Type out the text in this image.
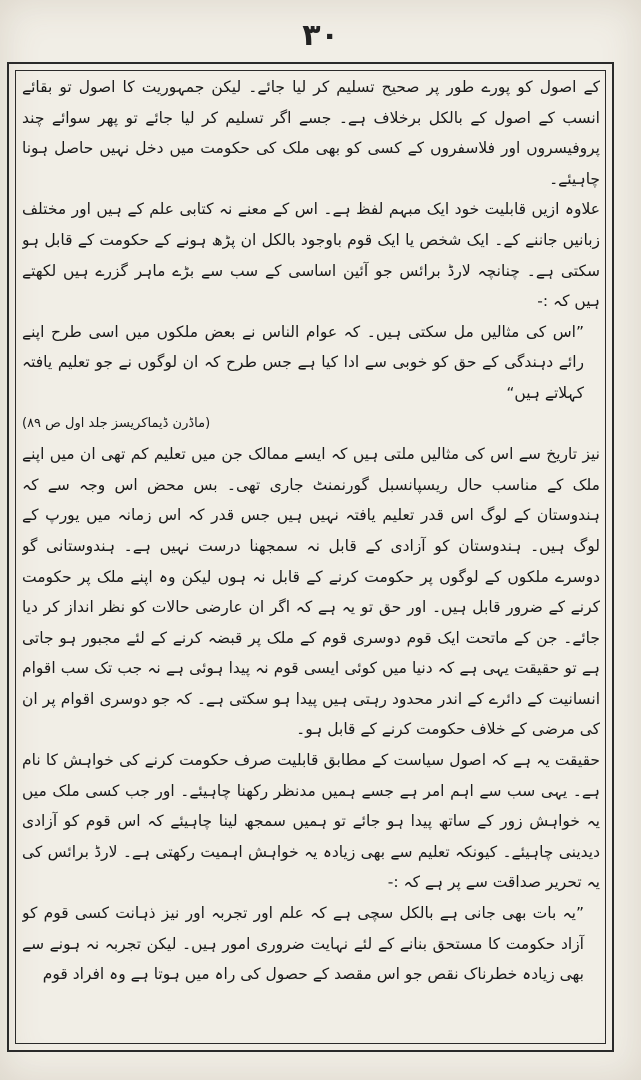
۳۰

کے اصول کو پورے طور پر صحیح تسلیم کر لیا جائے۔ لیکن جمہوریت کا اصول تو بقائے انسب کے اصول کے بالکل برخلاف ہے۔ جسے اگر تسلیم کر لیا جائے تو پھر سوائے چند پروفیسروں اور فلاسفروں کے کسی کو بھی ملک کی حکومت میں دخل نہیں حاصل ہونا چاہیئے۔

علاوہ ازیں قابلیت خود ایک مبہم لفظ ہے۔ اس کے معنے نہ کتابی علم کے ہیں اور مختلف زبانیں جاننے کے۔ ایک شخص یا ایک قوم باوجود بالکل ان پڑھ ہونے کے حکومت کے قابل ہو سکتی ہے۔ چنانچہ لارڈ برائس جو آئین اساسی کے سب سے بڑے ماہر گزرے ہیں لکھتے ہیں کہ :-

”اس کی مثالیں مل سکتی ہیں۔ کہ عوام الناس نے بعض ملکوں میں اسی طرح اپنے رائے دہندگی کے حق کو خوبی سے ادا کیا ہے جس طرح کہ ان لوگوں نے جو تعلیم یافتہ کہلاتے ہیں“
(ماڈرن ڈیماکریسز جلد اول ص ۸۹)

نیز تاریخ سے اس کی مثالیں ملتی ہیں کہ ایسے ممالک جن میں تعلیم کم تھی ان میں اپنے ملک کے مناسب حال ریسپانسبل گورنمنٹ جاری تھی۔ بس محض اس وجہ سے کہ ہندوستان کے لوگ اس قدر تعلیم یافتہ نہیں ہیں جس قدر کہ اس زمانہ میں یورپ کے لوگ ہیں۔ ہندوستان کو آزادی کے قابل نہ سمجھنا درست نہیں ہے۔ ہندوستانی گو دوسرے ملکوں کے لوگوں پر حکومت کرنے کے قابل نہ ہوں لیکن وہ اپنے ملک پر حکومت کرنے کے ضرور قابل ہیں۔ اور حق تو یہ ہے کہ اگر ان عارضی حالات کو نظر انداز کر دیا جائے۔ جن کے ماتحت ایک قوم دوسری قوم کے ملک پر قبضہ کرنے کے لئے مجبور ہو جاتی ہے تو حقیقت یہی ہے کہ دنیا میں کوئی ایسی قوم نہ پیدا ہوئی ہے نہ جب تک سب اقوام انسانیت کے دائرے کے اندر محدود رہتی ہیں پیدا ہو سکتی ہے۔ کہ جو دوسری اقوام پر ان کی مرضی کے خلاف حکومت کرنے کے قابل ہو۔

حقیقت یہ ہے کہ اصول سیاست کے مطابق قابلیت صرف حکومت کرنے کی خواہش کا نام ہے۔ یہی سب سے اہم امر ہے جسے ہمیں مدنظر رکھنا چاہیئے۔ اور جب کسی ملک میں یہ خواہش زور کے ساتھ پیدا ہو جائے تو ہمیں سمجھ لینا چاہیئے کہ اس قوم کو آزادی دیدینی چاہیئے۔ کیونکہ تعلیم سے بھی زیادہ یہ خواہش اہمیت رکھتی ہے۔ لارڈ برائس کی یہ تحریر صداقت سے پر ہے کہ :-

”یہ بات بھی جانی ہے بالکل سچی ہے کہ علم اور تجربہ اور نیز ذہانت کسی قوم کو آزاد حکومت کا مستحق بنانے کے لئے نہایت ضروری امور ہیں۔ لیکن تجربہ نہ ہونے سے بھی زیادہ خطرناک نقص جو اس مقصد کے حصول کی راہ میں ہوتا ہے وہ افراد قوم
